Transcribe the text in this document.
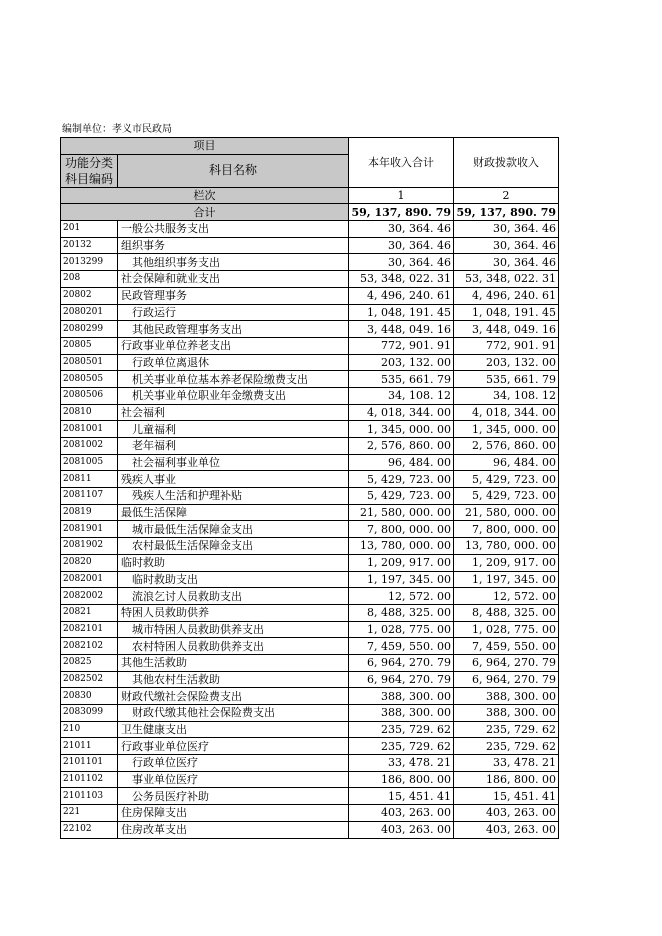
编制单位：孝义市民政局
项目		本年收入合计	财政拨款收入
功能分类
科目编码	科目名称		

栏次		1	2
合计		59, 137, 890. 79	59, 137, 890. 79
201	一般公共服务支出	30, 364. 46	30, 364. 46
20132	组织事务	30, 364. 46	30, 364. 46
2013299	其他组织事务支出	30, 364. 46	30, 364. 46
208	社会保障和就业支出	53, 348, 022. 31	53, 348, 022. 31
20802	民政管理事务	4, 496, 240. 61	4, 496, 240. 61
2080201	行政运行	1, 048, 191. 45	1, 048, 191. 45
2080299	其他民政管理事务支出	3, 448, 049. 16	3, 448, 049. 16
20805	行政事业单位养老支出	772, 901. 91	772, 901. 91
2080501	行政单位离退休	203, 132. 00	203, 132. 00
2080505	机关事业单位基本养老保险缴费支出	535, 661. 79	535, 661. 79
2080506	机关事业单位职业年金缴费支出	34, 108. 12	34, 108. 12
20810	社会福利	4, 018, 344. 00	4, 018, 344. 00
2081001	儿童福利	1, 345, 000. 00	1, 345, 000. 00
2081002	老年福利	2, 576, 860. 00	2, 576, 860. 00
2081005	社会福利事业单位	96, 484. 00	96, 484. 00
20811	残疾人事业	5, 429, 723. 00	5, 429, 723. 00
2081107	残疾人生活和护理补贴	5, 429, 723. 00	5, 429, 723. 00
20819	最低生活保障	21, 580, 000. 00	21, 580, 000. 00
2081901	城市最低生活保障金支出	7, 800, 000. 00	7, 800, 000. 00
2081902	农村最低生活保障金支出	13, 780, 000. 00	13, 780, 000. 00
20820	临时救助	1, 209, 917. 00	1, 209, 917. 00
2082001	临时救助支出	1, 197, 345. 00	1, 197, 345. 00
2082002	流浪乞讨人员救助支出	12, 572. 00	12, 572. 00
20821	特困人员救助供养	8, 488, 325. 00	8, 488, 325. 00
2082101	城市特困人员救助供养支出	1, 028, 775. 00	1, 028, 775. 00
2082102	农村特困人员救助供养支出	7, 459, 550. 00	7, 459, 550. 00
20825	其他生活救助	6, 964, 270. 79	6, 964, 270. 79
2082502	其他农村生活救助	6, 964, 270. 79	6, 964, 270. 79
20830	财政代缴社会保险费支出	388, 300. 00	388, 300. 00
2083099	财政代缴其他社会保险费支出	388, 300. 00	388, 300. 00
210	卫生健康支出	235, 729. 62	235, 729. 62
21011	行政事业单位医疗	235, 729. 62	235, 729. 62
2101101	行政单位医疗	33, 478. 21	33, 478. 21
2101102	事业单位医疗	186, 800. 00	186, 800. 00
2101103	公务员医疗补助	15, 451. 41	15, 451. 41
221	住房保障支出	403, 263. 00	403, 263. 00
22102	住房改革支出	403, 263. 00	403, 263. 00
